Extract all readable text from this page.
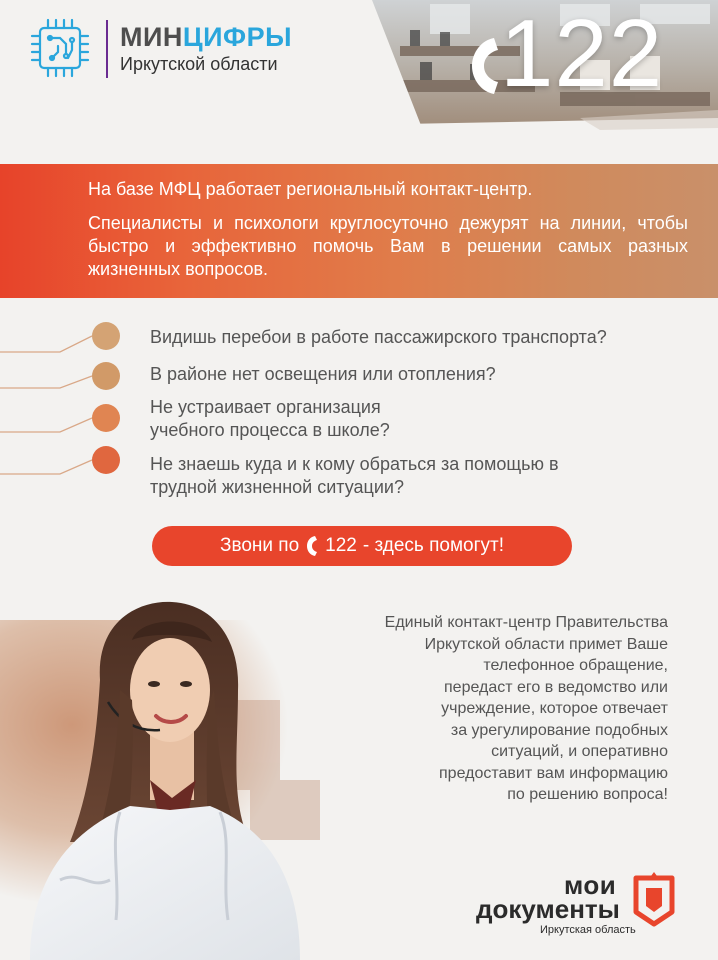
122
МИНЦИФРЫ
Иркутской области

На базе МФЦ работает региональный контакт-центр.

Специалисты и психологи круглосуточно дежурят на линии, чтобы быстро и эффективно помочь Вам в решении самых разных жизненных вопросов.

Видишь перебои в работе пассажирского транспорта?
В районе нет освещения или отопления?
Не устраивает организация учебного процесса в школе?
Не знаешь куда и к кому обраться за помощью в трудной жизненной ситуации?
Звони по 122 - здесь помогут!
Единый контакт-центр Правительства
Иркутской области примет Ваше
телефонное обращение,
передаст его в ведомство или
учреждение, которое отвечает
за урегулирование подобных
ситуаций, и оперативно
предоставит вам информацию
по решению вопроса!
мои
документы
Иркутская область
